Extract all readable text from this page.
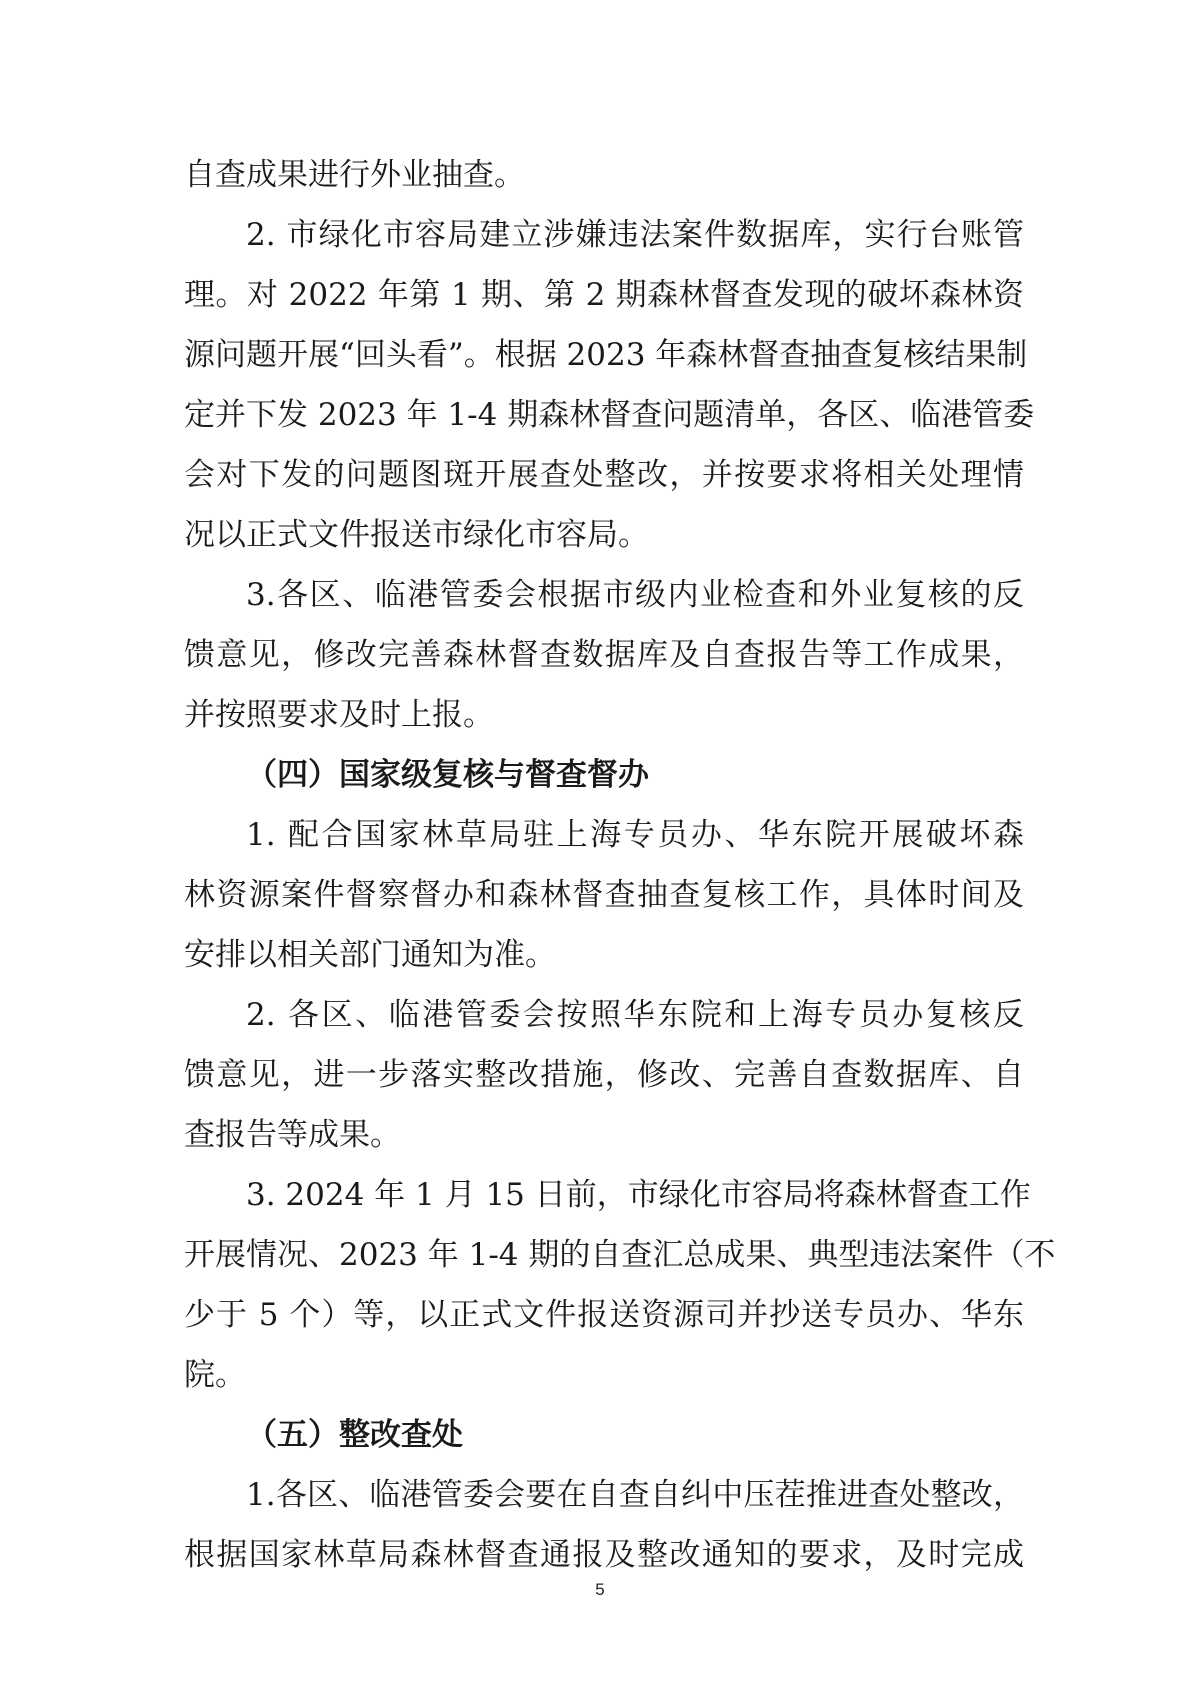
自查成果进行外业抽查。
2. 市绿化市容局建立涉嫌违法案件数据库，实行台账管
理。对 2022 年第 1 期、第 2 期森林督查发现的破坏森林资
源问题开展“回头看”。根据 2023 年森林督查抽查复核结果制
定并下发 2023 年 1-4 期森林督查问题清单，各区、临港管委
会对下发的问题图斑开展查处整改，并按要求将相关处理情
况以正式文件报送市绿化市容局。
3.各区、临港管委会根据市级内业检查和外业复核的反
馈意见，修改完善森林督查数据库及自查报告等工作成果，
并按照要求及时上报。
（四）国家级复核与督查督办
1. 配合国家林草局驻上海专员办、华东院开展破坏森
林资源案件督察督办和森林督查抽查复核工作，具体时间及
安排以相关部门通知为准。
2. 各区、临港管委会按照华东院和上海专员办复核反
馈意见，进一步落实整改措施，修改、完善自查数据库、自
查报告等成果。
3. 2024 年 1 月 15 日前，市绿化市容局将森林督查工作
开展情况、2023 年 1-4 期的自查汇总成果、典型违法案件（不
少于 5 个）等，以正式文件报送资源司并抄送专员办、华东
院。
（五）整改查处
1.各区、临港管委会要在自查自纠中压茬推进查处整改，
5
根据国家林草局森林督查通报及整改通知的要求，及时完成
